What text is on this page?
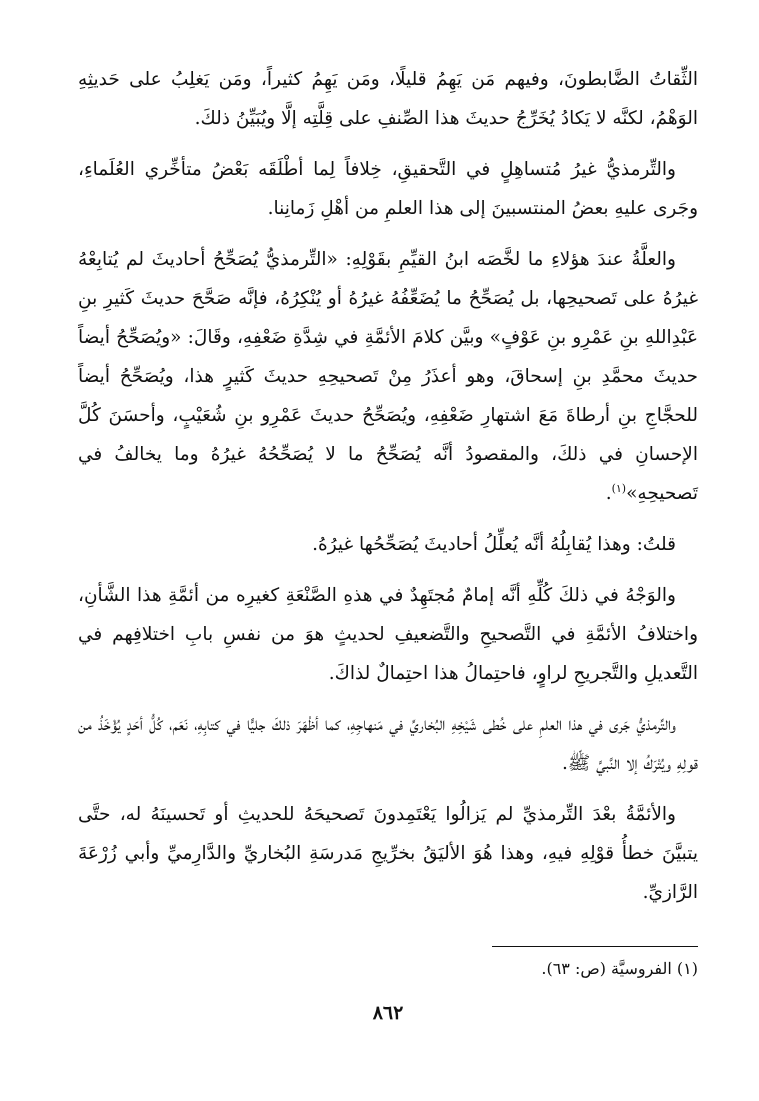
الثِّقاتُ الضَّابطونَ، وفيهم مَن يَهِمُ قليلًا، ومَن يَهِمُ كثيراً، ومَن يَغلِبُ على حَديثِهِ الوَهْمُ، لكنَّه لا يَكادُ يُخَرِّجُ حديثَ هذا الصِّنفِ على قِلَّتِه إلَّا ويُبَيِّنُ ذلكَ.

والتِّرمذيُّ غيرُ مُتساهِلٍ في التَّحقيقِ، خِلافاً لِما أطْلَقَه بَعْضُ متأخِّري العُلَماءِ، وجَرى عليهِ بعضُ المنتسبينَ إلى هذا العلمِ من أهْلِ زَمانِنا.

والعلَّةُ عندَ هؤلاءِ ما لخَّصَه ابنُ القيِّمِ بقَوْلِهِ: «التِّرمذيُّ يُصَحِّحُ أحاديثَ لم يُتابِعْهُ غيرُهُ على تَصحيحِها، بل يُصَحِّحُ ما يُضَعِّفُهُ غيرُهُ أو يُنْكِرُهُ، فإنَّه صَحَّحَ حديثَ كَثيرِ بنِ عَبْدِاللهِ بنِ عَمْرِو بنِ عَوْفٍ» وبيَّن كلامَ الأئمَّةِ في شِدَّةِ ضَعْفِهِ، وقَالَ: «ويُصَحِّحُ أيضاً حديثَ محمَّدِ بنِ إسحاقَ، وهو أعذَرُ مِنْ تَصحيحِهِ حديثَ كَثيرٍ هذا، ويُصَحِّحُ أيضاً للحجَّاجِ بنِ أرطاةَ مَعَ اشتهارِ ضَعْفِهِ، ويُصَحِّحُ حديثَ عَمْرِو بنِ شُعَيْبٍ، وأحسَنَ كُلَّ الإحسانِ في ذلكَ، والمقصودُ أنَّه يُصَحِّحُ ما لا يُصَحِّحُهُ غيرُهُ وما يخالفُ في تَصحيحِهِ»$^{(١)}$.

قلتُ: وهذا يُقابِلُهُ أنَّه يُعلِّلُ أحاديثَ يُصَحِّحُها غيرُهُ.

والوَجْهُ في ذلكَ كُلِّهِ أنَّه إمامٌ مُجتَهِدٌ في هذهِ الصَّنْعَةِ كغيرِه من أئمَّةِ هذا الشَّأنِ، واختلافُ الأئمَّةِ في التَّصحيحِ والتَّضعيفِ لحديثٍ هوَ من نفسِ بابِ اختلافِهم في التَّعديلِ والتَّجريحِ لراوٍ، فاحتِمالُ هذا احتِمالٌ لذاكَ.

والتِّرمذيُّ جَرى في هذا العلمِ على خُطى شَيْخِهِ البُخاريِّ في مَنهاجِهِ، كما أظْهَرَ ذلكَ جليًّا في كتابِهِ، نَعَم، كُلُّ أحَدٍ يُؤْخَذُ من قولِهِ ويُتْرَكُ إلا النَّبيَّ ﷺ.

والأئمَّةُ بعْدَ التِّرمذيِّ لم يَزالُوا يَعْتَمِدونَ تَصحيحَهُ للحديثِ أو تَحسينَهُ له، حتَّى يتبيَّنَ خطأُ قوْلِهِ فيهِ، وهذا هُوَ الأليَقُ بخرِّيجِ مَدرسَةِ البُخاريِّ والدَّارِميِّ وأبي زُرْعَةَ الرَّازيِّ.

(١) الفروسيَّة (ص: ٦٣).

٨٦٢
